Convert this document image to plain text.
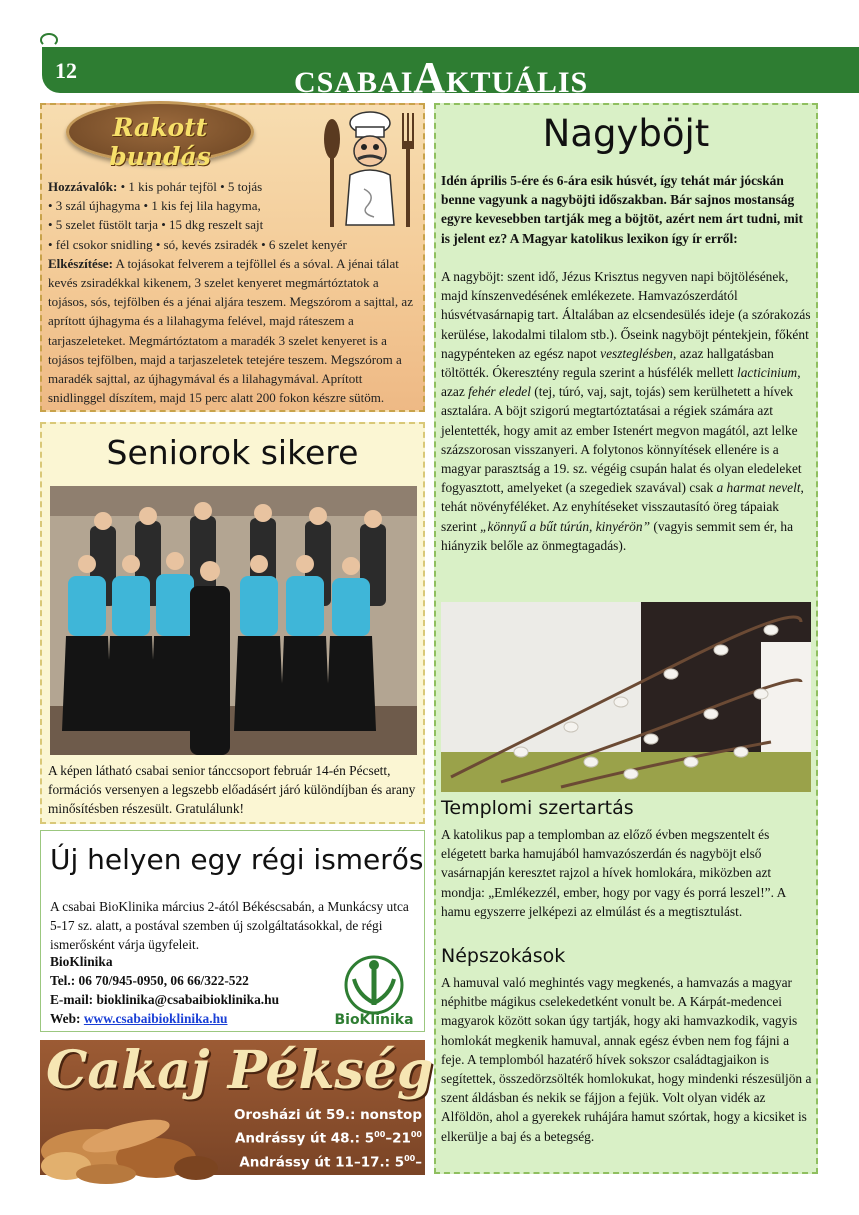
12	CSABAIAKTUÁLIS
Rakott bundás
Hozzávalók: • 1 kis pohár tejföl • 5 tojás
• 3 szál újhagyma • 1 kis fej lila hagyma,
• 5 szelet füstölt tarja • 15 dkg reszelt sajt
• fél csokor snidling • só, kevés zsiradék • 6 szelet kenyér
Elkészítése: A tojásokat felverem a tejföllel és a sóval. A jénai tálat kevés zsiradékkal kikenem, 3 szelet kenyeret megmártóztatok a tojásos, sós, tejfölben és a jénai aljára teszem. Megszórom a sajttal, az aprított újhagyma és a lilahagyma felével, majd ráteszem a tarjaszeleteket. Megmártóztatom a maradék 3 szelet kenyeret is a tojásos tejfölben, majd a tarjaszeletek tetejére teszem. Megszórom a maradék sajttal, az újhagymával és a lilahagymával. Aprított snidlinggel díszítem, majd 15 perc alatt 200 fokon készre sütöm.
Nagyböjt
Idén április 5-ére és 6-ára esik húsvét, így tehát már jócskán benne vagyunk a nagyböjti időszakban. Bár sajnos mostanság egyre kevesebben tartják meg a böjtöt, azért nem árt tudni, mit is jelent ez? A Magyar katolikus lexikon így ír erről:
A nagyböjt: szent idő, Jézus Krisztus negyven napi böjtölésének, majd kínszenvedésének emlékezete. Hamvazószerdától húsvétvasárnapig tart. Általában az elcsendesülés ideje (a szórakozás kerülése, lakodalmi tilalom stb.). Őseink nagyböjt péntekjein, főként nagypénteken az egész napot veszteglésben, azaz hallgatásban töltötték. Ókeresztény regula szerint a húsfélék mellett lacticinium, azaz fehér eledel (tej, túró, vaj, sajt, tojás) sem kerülhetett a hívek asztalára. A böjt szigorú megtartóztatásai a régiek számára azt jelentették, hogy amit az ember Istenért megvon magától, azt lelke százszorosan visszanyeri. A folytonos könnyítések ellenére is a magyar parasztság a 19. sz. végéig csupán halat és olyan eledeleket fogyasztott, amelyeket (a szegediek szavával) csak a harmat nevelt, tehát növényféléket. Az enyhítéseket visszautasító öreg tápaiak szerint „könnyű a bűt túrún, kinyérön” (vagyis semmit sem ér, ha hiányzik belőle az önmegtagadás).
Templomi szertartás
A katolikus pap a templomban az előző évben megszentelt és elégetett barka hamujából hamvazószerdán és nagyböjt első vasárnapján keresztet rajzol a hívek homlokára, miközben azt mondja: „Emlékezzél, ember, hogy por vagy és porrá leszel!”. A hamu egyszerre jelképezi az elmúlást és a megtisztulást.
Népszokások
A hamuval való meghintés vagy megkenés, a hamvazás a magyar néphitbe mágikus cselekedetként vonult be. A Kárpát-medencei magyarok között sokan úgy tartják, hogy aki hamvazkodik, vagyis homlokát megkenik hamuval, annak egész évben nem fog fájni a feje. A templomból hazatérő hívek sokszor családtagjaikon is segítettek, összedörzsölték homlokukat, hogy mindenki részesüljön a szent áldásban és nekik se fájjon a fejük. Volt olyan vidék az Alföldön, ahol a gyerekek ruhájára hamut szórtak, hogy a kicsiket is elkerülje a baj és a betegség.
Seniorok sikere
A képen látható csabai senior tánccsoport február 14-én Pécsett, formációs versenyen a legszebb előadásért járó különdíjban és arany minősítésben részesült. Gratulálunk!
Új helyen egy régi ismerős
A csabai BioKlinika március 2-ától Békéscsabán, a Munkácsy utca 5-17 sz. alatt, a postával szemben új szolgáltatásokkal, de régi ismerősként várja ügyfeleit.
BioKlinika
Tel.: 06 70/945-0950, 06 66/322-522
E-mail: bioklinika@csabaibioklinika.hu
Web: www.csabaibioklinika.hu	BioKlinika
Cakaj Pékség
Orosházi út 59.: nonstop
Andrássy út 48.: $5^{00}-21^{00}$
Andrássy út 11–17.: $5^{00}-21^{00}$
